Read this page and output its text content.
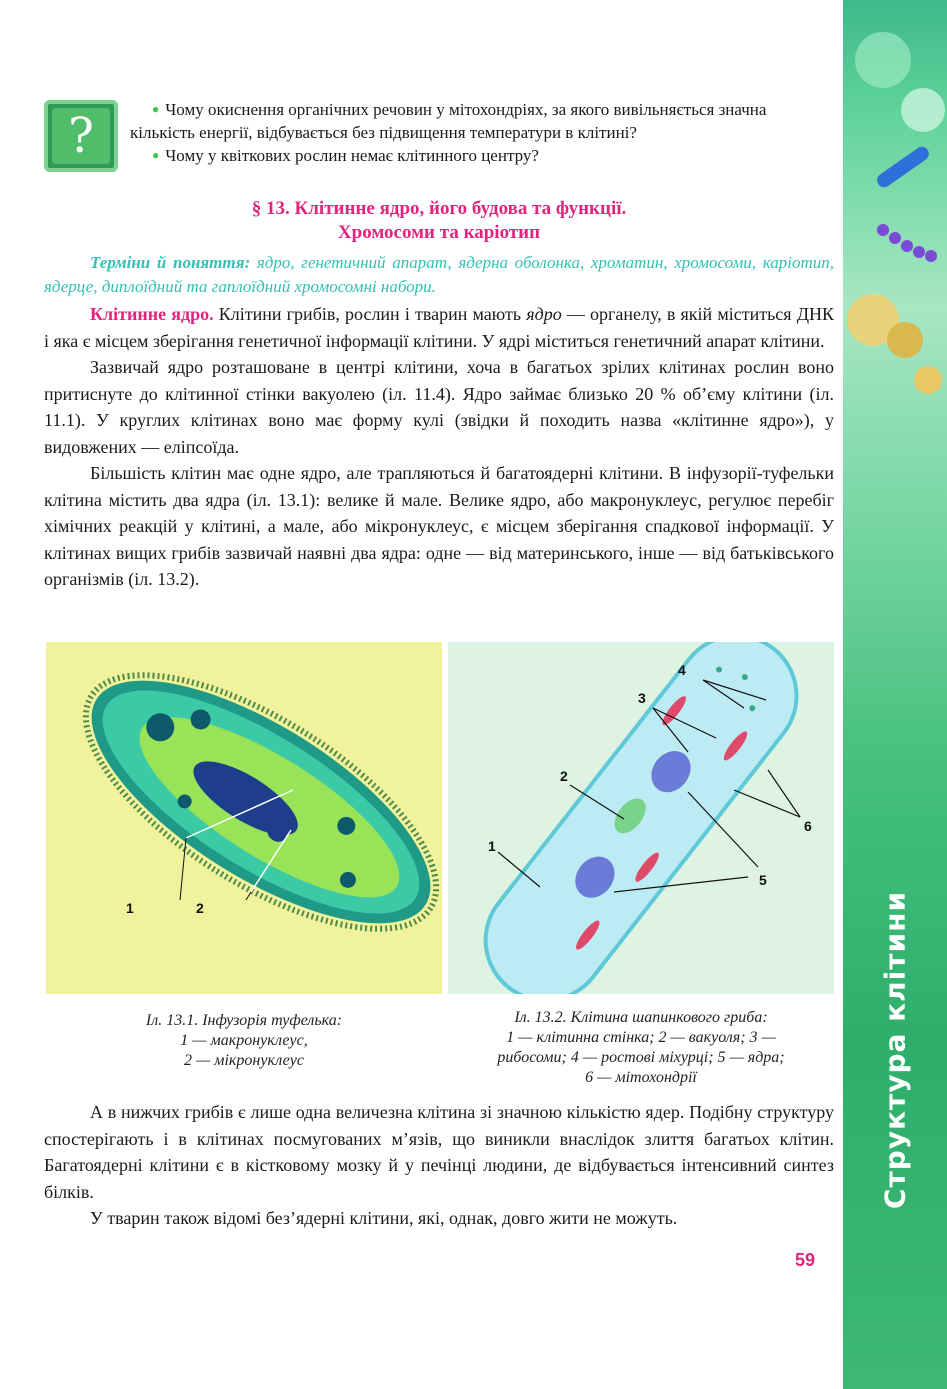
Структура клітини
?	● Чому окиснення органічних речовин у мітохондріях, за якого вивільняється значна кількість енергії, відбувається без підвищення температури в клітині?

● Чому у квіткових рослин немає клітинного центру?

§ 13. Клітинне ядро, його будова та функції.
Хромосоми та каріотип
Терміни й поняття: ядро, генетичний апарат, ядерна оболонка, хроматин, хромосоми, каріотип, ядерце, диплоїдний та гаплоїдний хромосомні набори.

Клітинне ядро. Клітини грибів, рослин і тварин мають ядро — органелу, в якій міститься ДНК і яка є місцем зберігання генетичної інформації клітини. У ядрі міститься генетичний апарат клітини.

Зазвичай ядро розташоване в центрі клітини, хоча в багатьох зрілих клітинах рослин воно притиснуте до клітинної стінки вакуолею (іл. 11.4). Ядро займає близько 20 % об’єму клітини (іл. 11.1). У круглих клітинах воно має форму кулі (звідки й походить назва «клітинне ядро»), у видовжених — еліпсоїда.

Більшість клітин має одне ядро, але трапляються й багатоядерні клітини. В інфузорії-туфельки клітина містить два ядра (іл. 13.1): велике й мале. Велике ядро, або макронуклеус, регулює перебіг хімічних реакцій у клітині, а мале, або мікронуклеус, є місцем зберігання спадкової інформації. У клітинах вищих грибів зазвичай наявні два ядра: одне — від материнського, інше — від батьківського організмів (іл. 13.2).

1	2
1
2
3
4
5
6
Іл. 13.1. Інфузорія туфелька:
1 — макронуклеус,
2 — мікронуклеус
Іл. 13.2. Клітина шапинкового гриба:
1 — клітинна стінка; 2 — вакуоля; 3 —
рибосоми; 4 — ростові міхурці; 5 — ядра;
6 — мітохондрії

А в нижчих грибів є лише одна величезна клітина зі значною кількістю ядер. Подібну структуру спостерігають і в клітинах посмугованих м’язів, що виникли внаслідок злиття багатьох клітин. Багатоядерні клітини є в кістковому мозку й у печінці людини, де відбувається інтенсивний синтез білків.

У тварин також відомі без’ядерні клітини, які, однак, довго жити не можуть.

59
